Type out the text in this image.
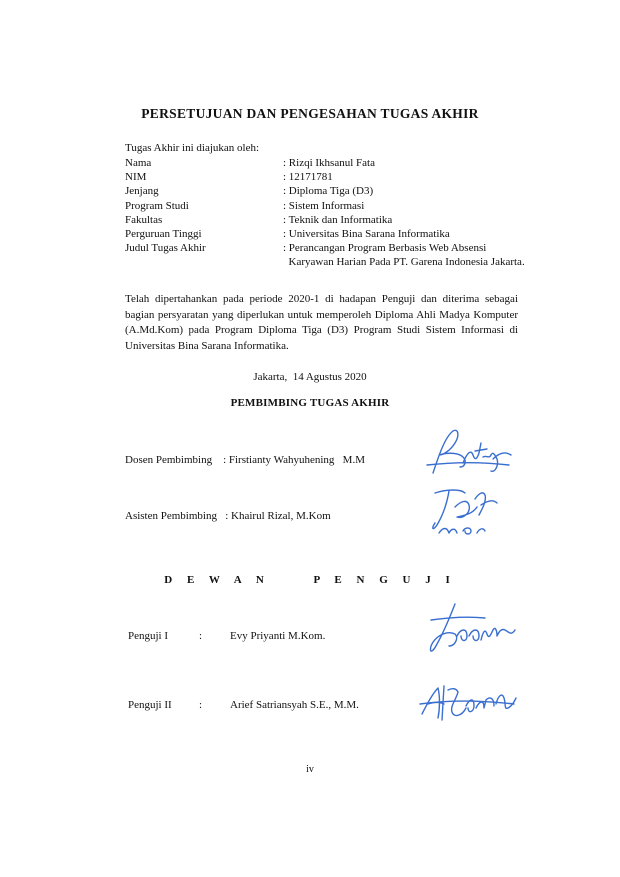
PERSETUJUAN DAN PENGESAHAN TUGAS AKHIR
Tugas Akhir ini diajukan oleh:
Nama	: Rizqi Ikhsanul Fata
NIM	: 12171781
Jenjang	: Diploma Tiga (D3)
Program Studi	: Sistem Informasi
Fakultas	: Teknik dan Informatika
Perguruan Tinggi	: Universitas Bina Sarana Informatika
Judul Tugas Akhir	: Perancangan Program Berbasis Web Absensi
Karyawan Harian Pada PT. Garena Indonesia Jakarta.
Telah dipertahankan pada periode 2020-1 di hadapan Penguji dan diterima sebagai bagian persyaratan yang diperlukan untuk memperoleh Diploma Ahli Madya Komputer (A.Md.Kom) pada Program Diploma Tiga (D3) Program Studi Sistem Informasi di Universitas Bina Sarana Informatika.
Jakarta,  14 Agustus 2020
PEMBIMBING TUGAS AKHIR
Dosen Pembimbing    : Firstianty Wahyuhening   M.M
Asisten Pembimbing   : Khairul Rizal, M.Kom
D E W A N     P E N G U J I
Penguji I	:	Evy Priyanti M.Kom.
Penguji II :	Arief Satriansyah S.E., M.M.
iv
